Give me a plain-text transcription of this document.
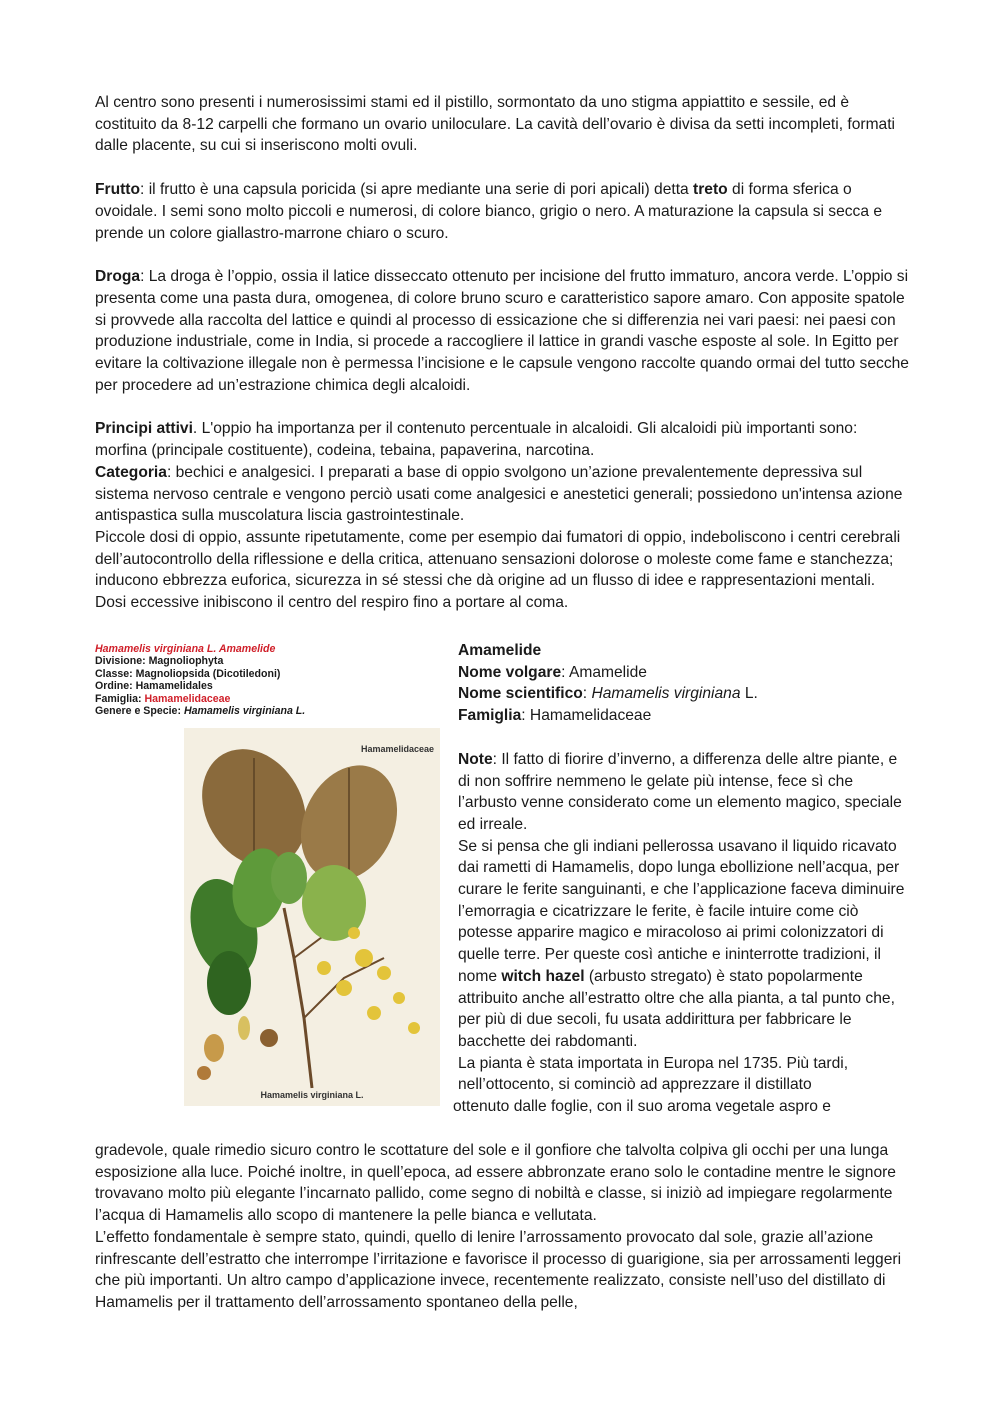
Al centro sono presenti i numerosissimi stami ed il pistillo, sormontato da uno stigma appiattito e sessile, ed è costituito da 8-12 carpelli che formano un ovario uniloculare. La cavità dell’ovario è divisa da setti incompleti, formati dalle placente, su cui si inseriscono molti ovuli.

Frutto: il frutto è una capsula poricida (si apre mediante una serie di pori apicali) detta treto di forma sferica o ovoidale. I semi sono molto piccoli e numerosi, di colore bianco, grigio o nero. A maturazione la capsula si secca e prende un colore giallastro-marrone chiaro o scuro.

Droga: La droga è l’oppio, ossia il latice disseccato ottenuto per incisione del frutto immaturo, ancora verde. L’oppio si presenta come una pasta dura, omogenea, di colore bruno scuro e caratteristico sapore amaro. Con apposite spatole si provvede alla raccolta del lattice e quindi al processo di essicazione che si differenzia nei vari paesi: nei paesi con produzione industriale, come in India, si procede a raccogliere il lattice in grandi vasche esposte al sole. In Egitto per evitare la coltivazione illegale non è permessa l’incisione e le capsule vengono raccolte quando ormai del tutto secche per procedere ad un’estrazione chimica degli alcaloidi.

Principi attivi. L'oppio ha importanza per il contenuto percentuale in alcaloidi. Gli alcaloidi più importanti sono: morfina (principale costituente), codeina, tebaina, papaverina, narcotina.

Categoria: bechici e analgesici. I preparati a base di oppio svolgono un’azione prevalentemente depressiva sul sistema nervoso centrale e vengono perciò usati come analgesici e anestetici generali; possiedono un'intensa azione antispastica sulla muscolatura liscia gastrointestinale.

Piccole dosi di oppio, assunte ripetutamente, come per esempio dai fumatori di oppio, indeboliscono i centri cerebrali dell’autocontrollo della riflessione e della critica, attenuano sensazioni dolorose o moleste come fame e stanchezza; inducono ebbrezza euforica, sicurezza in sé stessi che dà origine ad un flusso di idee e rappresentazioni mentali. Dosi eccessive inibiscono il centro del respiro fino a portare al coma.

Hamamelis virginiana L. Amamelide
Divisione: Magnoliophyta
Classe: Magnoliopsida (Dicotiledoni)
Ordine: Hamamelidales
Famiglia: Hamamelidaceae
Genere e Specie: Hamamelis virginiana L.
Hamamelidaceae
Hamamelis virginiana L.

Amamelide

Nome volgare: Amamelide

Nome scientifico: Hamamelis virginiana L.

Famiglia: Hamamelidaceae

Note: Il fatto di fiorire d’inverno, a differenza delle altre piante, e di non soffrire nemmeno le gelate più intense, fece sì che l’arbusto venne considerato come un elemento magico, speciale ed irreale.

Se si pensa che gli indiani pellerossa usavano il liquido ricavato dai rametti di Hamamelis, dopo lunga ebollizione nell’acqua, per curare le ferite sanguinanti, e che l’applicazione faceva diminuire l’emorragia e cicatrizzare le ferite, è facile intuire come ciò potesse apparire magico e miracoloso ai primi colonizzatori di quelle terre. Per queste così antiche e ininterrotte tradizioni, il nome witch hazel (arbusto stregato) è stato popolarmente attribuito anche all’estratto oltre che alla pianta, a tal punto che, per più di due secoli, fu usata addirittura per fabbricare le bacchette dei rabdomanti.

La pianta è stata importata in Europa nel 1735. Più tardi,

nell’ottocento, si cominciò ad apprezzare il distillato

ottenuto dalle foglie, con il suo aroma vegetale aspro e

gradevole, quale rimedio sicuro contro le scottature del sole e il gonfiore che talvolta colpiva gli occhi per una lunga esposizione alla luce. Poiché inoltre, in quell’epoca, ad essere abbronzate erano solo le contadine mentre le signore trovavano molto più elegante l’incarnato pallido, come segno di nobiltà e classe, si iniziò ad impiegare regolarmente l’acqua di Hamamelis allo scopo di mantenere la pelle bianca e vellutata.

L’effetto fondamentale è sempre stato, quindi, quello di lenire l’arrossamento provocato dal sole, grazie all’azione rinfrescante dell’estratto che interrompe l’irritazione e favorisce il processo di guarigione, sia per arrossamenti leggeri che più importanti. Un altro campo d’applicazione invece, recentemente realizzato, consiste nell’uso del distillato di Hamamelis per il trattamento dell’arrossamento spontaneo della pelle,
